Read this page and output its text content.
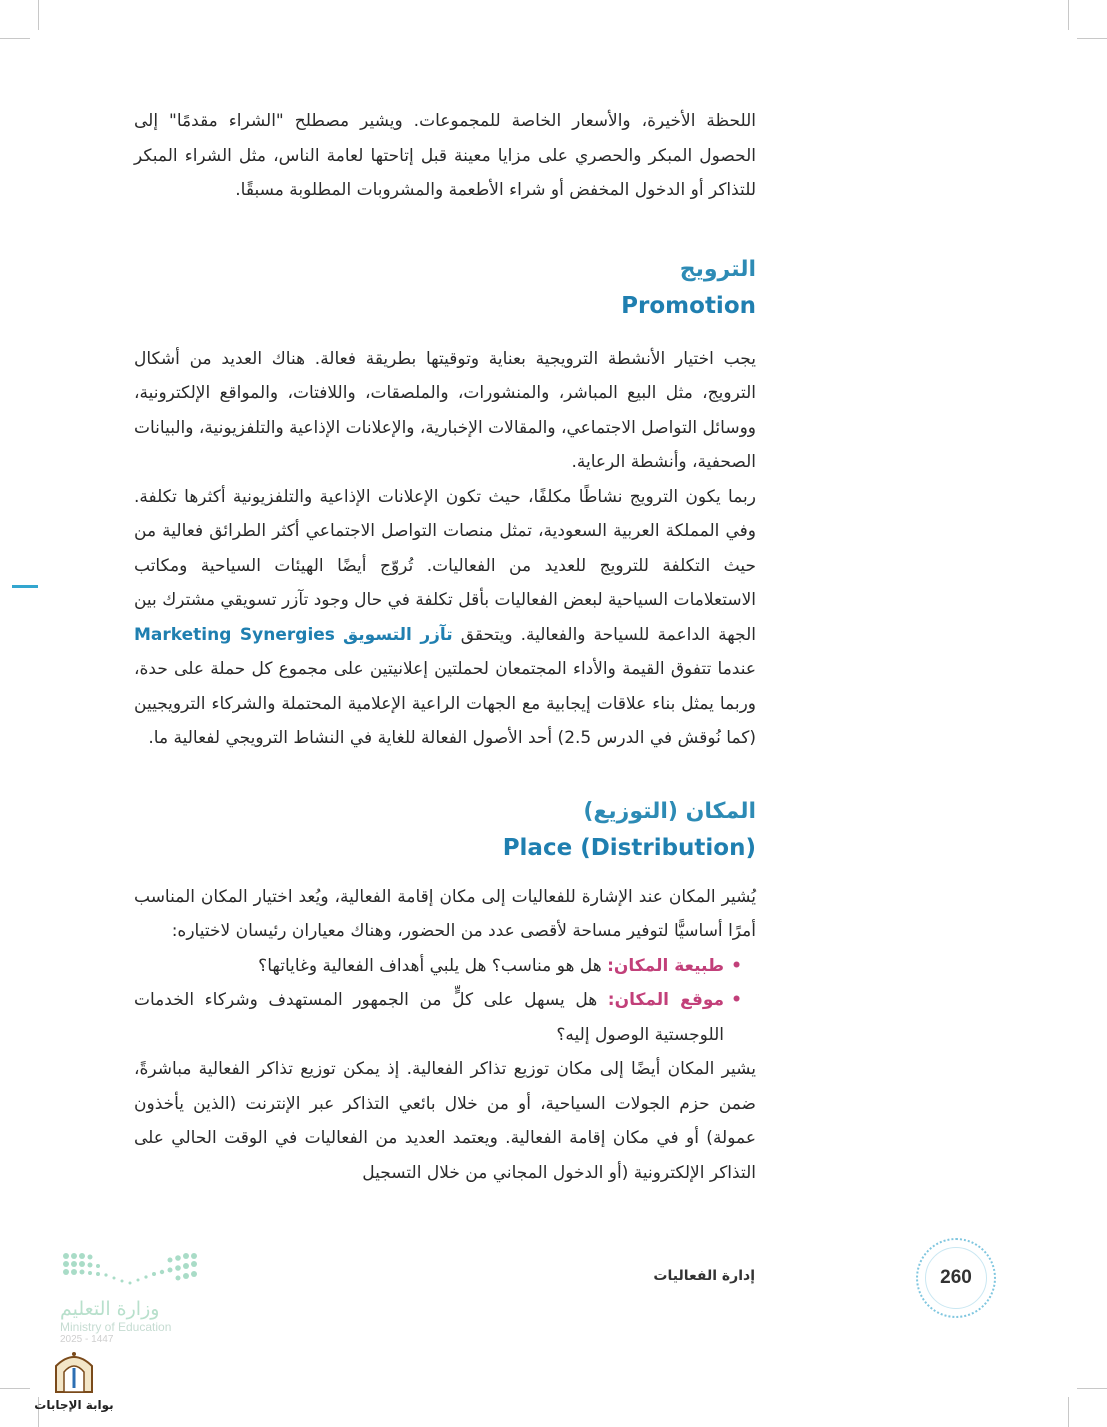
اللحظة الأخيرة، والأسعار الخاصة للمجموعات. ويشير مصطلح "الشراء مقدمًا" إلى الحصول المبكر والحصري على مزايا معينة قبل إتاحتها لعامة الناس، مثل الشراء المبكر للتذاكر أو الدخول المخفض أو شراء الأطعمة والمشروبات المطلوبة مسبقًا.

الترويج
Promotion

يجب اختيار الأنشطة الترويجية بعناية وتوقيتها بطريقة فعالة. هناك العديد من أشكال الترويج، مثل البيع المباشر، والمنشورات، والملصقات، واللافتات، والمواقع الإلكترونية، ووسائل التواصل الاجتماعي، والمقالات الإخبارية، والإعلانات الإذاعية والتلفزيونية، والبيانات الصحفية، وأنشطة الرعاية.

ربما يكون الترويج نشاطًا مكلفًا، حيث تكون الإعلانات الإذاعية والتلفزيونية أكثرها تكلفة. وفي المملكة العربية السعودية، تمثل منصات التواصل الاجتماعي أكثر الطرائق فعالية من حيث التكلفة للترويج للعديد من الفعاليات. تُروّج أيضًا الهيئات السياحية ومكاتب الاستعلامات السياحية لبعض الفعاليات بأقل تكلفة في حال وجود تآزر تسويقي مشترك بين الجهة الداعمة للسياحة والفعالية. ويتحقق تآزر التسويق Marketing Synergies عندما تتفوق القيمة والأداء المجتمعان لحملتين إعلانيتين على مجموع كل حملة على حدة، وربما يمثل بناء علاقات إيجابية مع الجهات الراعية الإعلامية المحتملة والشركاء الترويجيين (كما نُوقش في الدرس 2.5) أحد الأصول الفعالة للغاية في النشاط الترويجي لفعالية ما.

المكان (التوزيع)
Place (Distribution)

يُشير المكان عند الإشارة للفعاليات إلى مكان إقامة الفعالية، ويُعد اختيار المكان المناسب أمرًا أساسيًّا لتوفير مساحة لأقصى عدد من الحضور، وهناك معياران رئيسان لاختياره:

• طبيعة المكان: هل هو مناسب؟ هل يلبي أهداف الفعالية وغاياتها؟
• موقع المكان: هل يسهل على كلٍّ من الجمهور المستهدف وشركاء الخدمات اللوجستية الوصول إليه؟

يشير المكان أيضًا إلى مكان توزيع تذاكر الفعالية. إذ يمكن توزيع تذاكر الفعالية مباشرةً، ضمن حزم الجولات السياحية، أو من خلال بائعي التذاكر عبر الإنترنت (الذين يأخذون عمولة) أو في مكان إقامة الفعالية. ويعتمد العديد من الفعاليات في الوقت الحالي على التذاكر الإلكترونية (أو الدخول المجاني من خلال التسجيل

إدارة الفعاليات	260
وزارة التعليم
Ministry of Education
2025 - 1447
بوابة الإجابات
